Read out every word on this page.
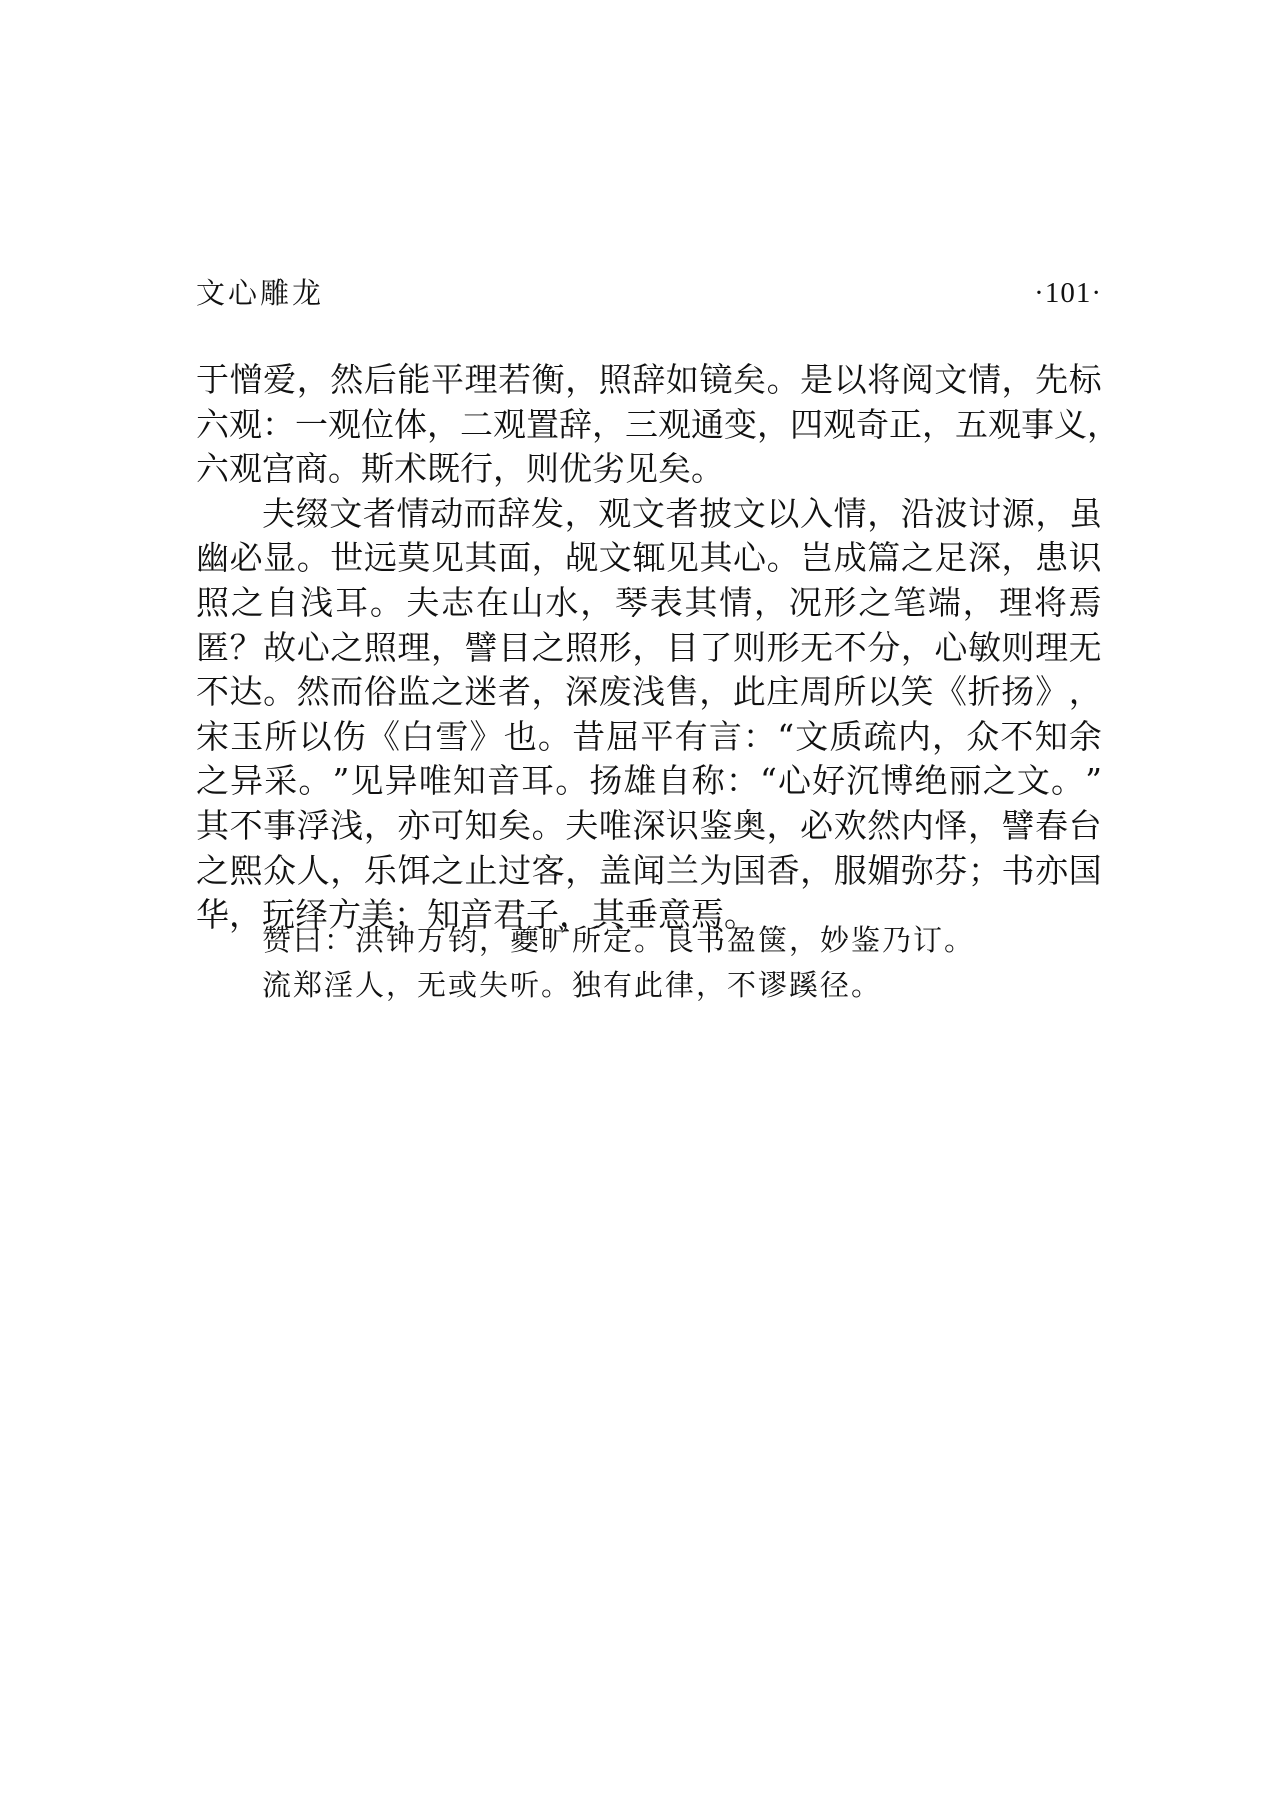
文心雕龙	·101·
于 憎 爱 ， 然 后 能 平 理 若 衡 ， 照 辞 如 镜 矣 。 是 以 将 阅 文 情 ， 先 标
六 观 ： 一 观 位 体 ， 二 观 置 辞 ， 三 观 通 变 ， 四 观 奇 正 ， 五 观 事 义 ，
六观宫商。斯术既行，则优劣见矣。
夫 缀 文 者 情 动 而 辞 发 ， 观 文 者 披 文 以 入 情 ， 沿 波 讨 源 ， 虽
幽 必 显 。 世 远 莫 见 其 面 ， 觇 文 辄 见 其 心 。 岂 成 篇 之 足 深 ， 患 识
照 之 自 浅 耳 。 夫 志 在 山 水 ， 琴 表 其 情 ， 况 形 之 笔 端 ， 理 将 焉
匿 ？ 故 心 之 照 理 ， 譬 目 之 照 形 ， 目 了 则 形 无 不 分 ， 心 敏 则 理 无
不 达 。 然 而 俗 监 之 迷 者 ， 深 废 浅 售 ， 此 庄 周 所 以 笑 《 折 扬 》 ，
宋 玉 所 以 伤 《 白 雪 》 也 。 昔 屈 平 有 言 ： “ 文 质 疏 内 ， 众 不 知 余
之 异 采 。 ” 见 异 唯 知 音 耳 。 扬 雄 自 称 ： “ 心 好 沉 博 绝 丽 之 文 。 ”
其 不 事 浮 浅 ， 亦 可 知 矣 。 夫 唯 深 识 鉴 奥 ， 必 欢 然 内 怿 ， 譬 春 台
之 熙 众 人 ， 乐 饵 之 止 过 客 ， 盖 闻 兰 为 国 香 ， 服 媚 弥 芬 ； 书 亦 国
华，玩绎方美；知音君子，其垂意焉。
赞曰：洪钟万钧，夔旷所定。良书盈箧，妙鉴乃订。
流郑淫人，无或失听。独有此律，不谬蹊径。
